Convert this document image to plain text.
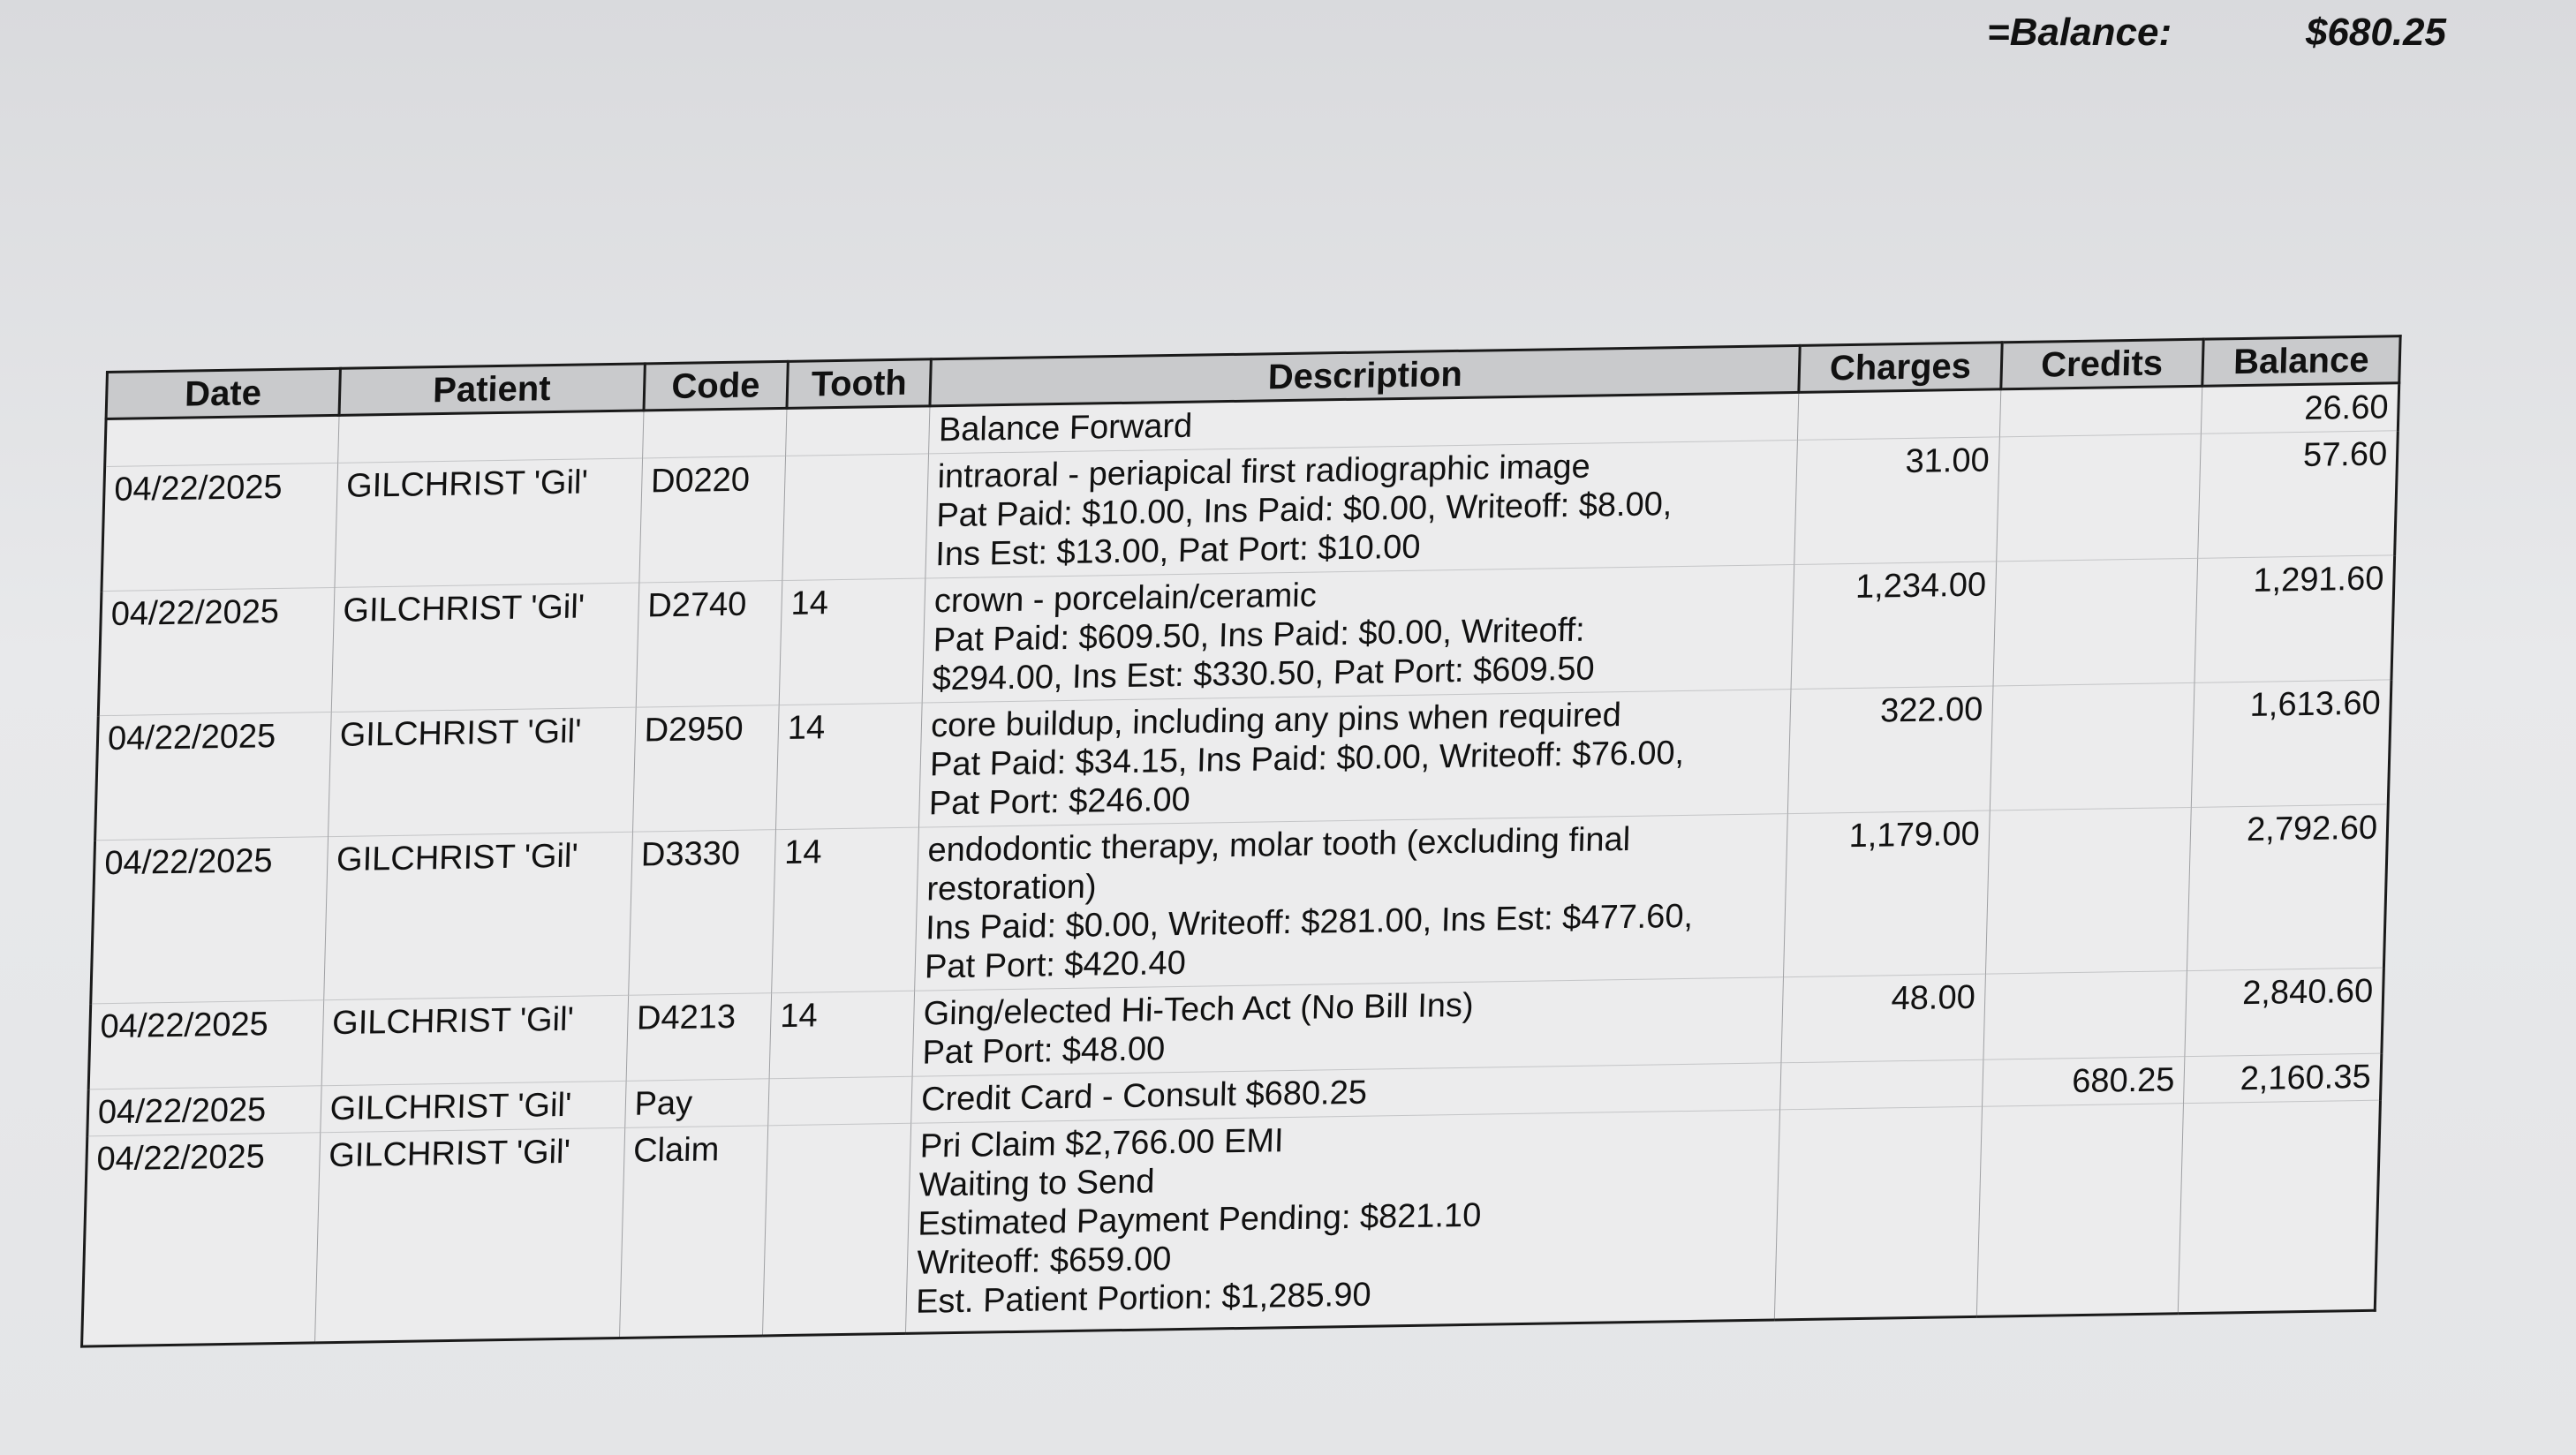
=Balance:	$680.25
Date	Patient	Code	Tooth	Description	Charges	Credits	Balance
				Balance Forward			26.60
04/22/2025	GILCHRIST 'Gil'	D0220		intraoral - periapical first radiographic image
Pat Paid: $10.00, Ins Paid: $0.00, Writeoff: $8.00,
Ins Est: $13.00, Pat Port: $10.00	31.00		57.60
04/22/2025	GILCHRIST 'Gil'	D2740	14	crown - porcelain/ceramic
Pat Paid: $609.50, Ins Paid: $0.00, Writeoff:
$294.00, Ins Est: $330.50, Pat Port: $609.50	1,234.00		1,291.60
04/22/2025	GILCHRIST 'Gil'	D2950	14	core buildup, including any pins when required
Pat Paid: $34.15, Ins Paid: $0.00, Writeoff: $76.00,
Pat Port: $246.00	322.00		1,613.60
04/22/2025	GILCHRIST 'Gil'	D3330	14	endodontic therapy, molar tooth (excluding final
restoration)
Ins Paid: $0.00, Writeoff: $281.00, Ins Est: $477.60,
Pat Port: $420.40	1,179.00		2,792.60
04/22/2025	GILCHRIST 'Gil'	D4213	14	Ging/elected Hi-Tech Act (No Bill Ins)
Pat Port: $48.00	48.00		2,840.60
04/22/2025	GILCHRIST 'Gil'	Pay		Credit Card - Consult $680.25		680.25	2,160.35
04/22/2025	GILCHRIST 'Gil'	Claim		Pri Claim $2,766.00 EMI
Waiting to Send
Estimated Payment Pending: $821.10
Writeoff: $659.00
Est. Patient Portion: $1,285.90			
